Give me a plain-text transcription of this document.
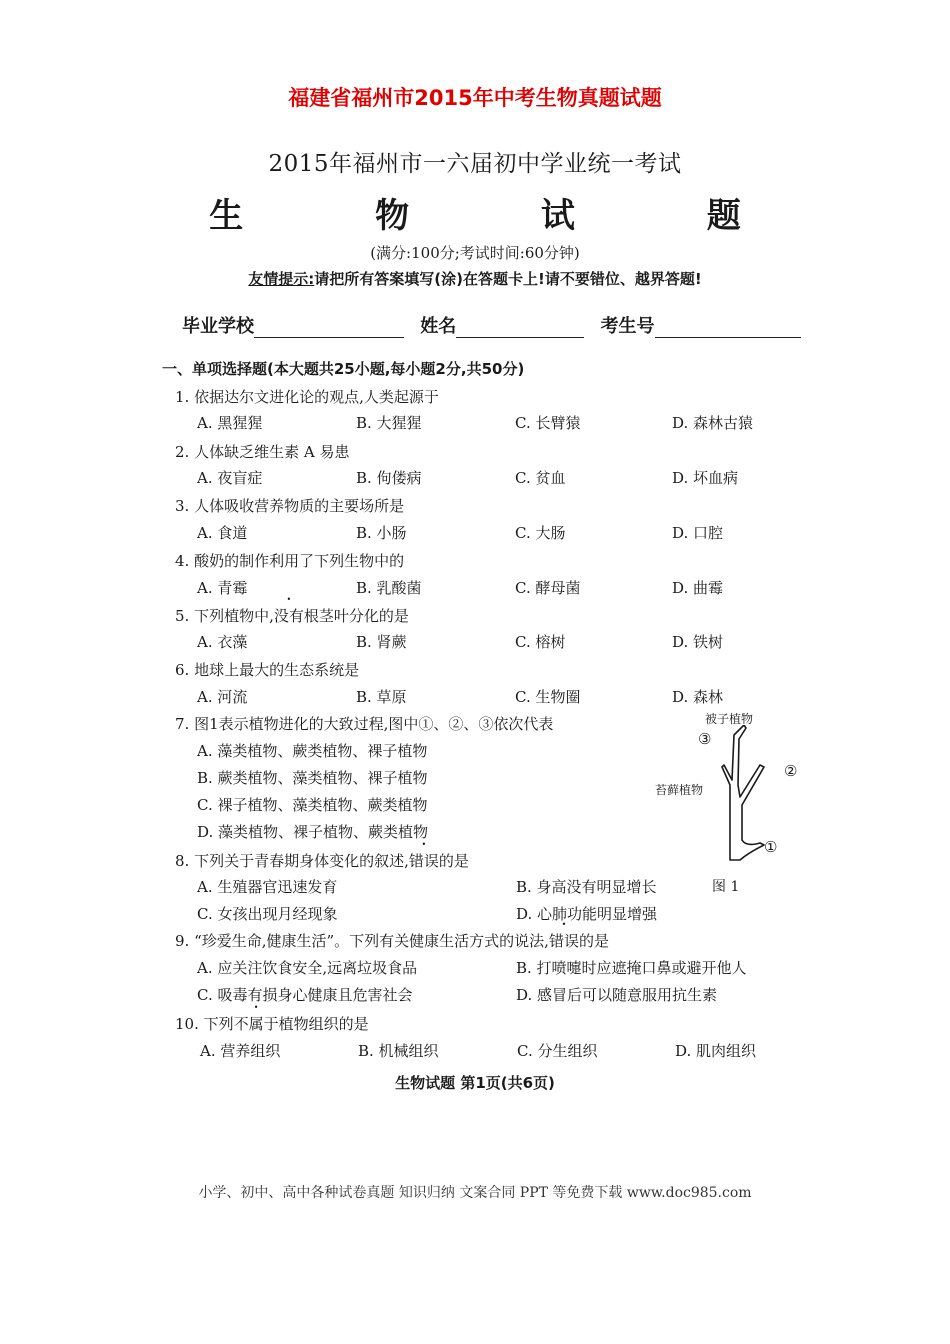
福建省福州市2015年中考生物真题试题
2015年福州市一六届初中学业统一考试
生 物 试 题
(满分:100分;考试时间:60分钟)
友情提示:请把所有答案填写(涂)在答题卡上!请不要错位、越界答题!
毕业学校	姓名	考生号
一、单项选择题(本大题共25小题,每小题2分,共50分)
1. 依据达尔文进化论的观点,人类起源于
A. 黑猩猩	B. 大猩猩	C. 长臂猿	D. 森林古猿
2. 人体缺乏维生素 A 易患
A. 夜盲症	B. 佝偻病	C. 贫血	D. 坏血病
3. 人体吸收营养物质的主要场所是
A. 食道	B. 小肠	C. 大肠	D. 口腔
4. 酸奶的制作利用了下列生物中的
A. 青霉	B. 乳酸菌	C. 酵母菌	D. 曲霉
5. 下列植物中,没有根茎叶分化的是
A. 衣藻	B. 肾蕨	C. 榕树	D. 铁树
6. 地球上最大的生态系统是
A. 河流	B. 草原	C. 生物圈	D. 森林
7. 图1表示植物进化的大致过程,图中①、②、③依次代表
A. 藻类植物、蕨类植物、裸子植物
B. 蕨类植物、藻类植物、裸子植物
C. 裸子植物、藻类植物、蕨类植物
D. 藻类植物、裸子植物、蕨类植物
被子植物
苔藓植物
③
②
①
图 1
8. 下列关于青春期身体变化的叙述,错误的是
A. 生殖器官迅速发育	B. 身高没有明显增长
C. 女孩出现月经现象	D. 心肺功能明显增强
9. “珍爱生命,健康生活”。下列有关健康生活方式的说法,错误的是
A. 应关注饮食安全,远离垃圾食品	B. 打喷嚏时应遮掩口鼻或避开他人
C. 吸毒有损身心健康且危害社会	D. 感冒后可以随意服用抗生素
10. 下列不属于植物组织的是
A. 营养组织	B. 机械组织	C. 分生组织	D. 肌肉组织
生物试题 第1页(共6页)
小学、初中、高中各种试卷真题 知识归纳 文案合同 PPT 等免费下载 www.doc985.com
